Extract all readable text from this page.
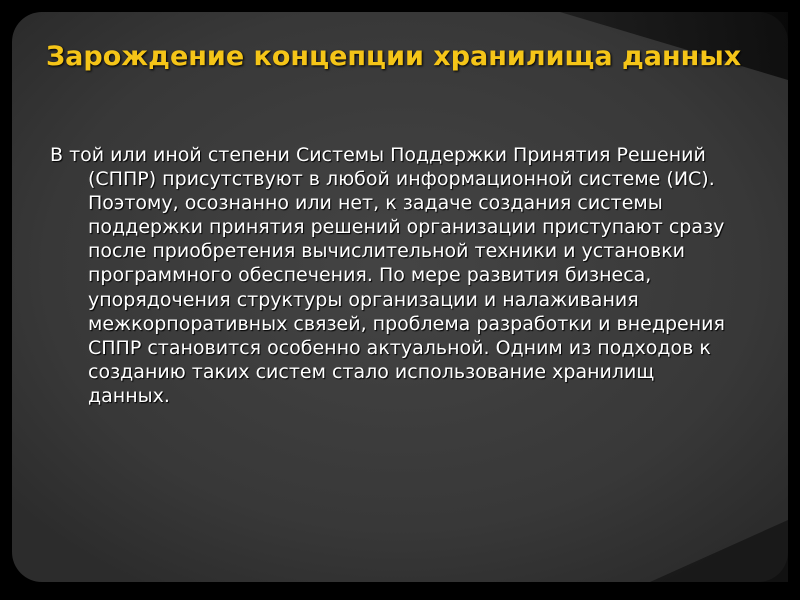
Зарождение концепции хранилища данных

В той или иной степени Системы Поддержки Принятия Решений (СППР) присутствуют в любой информационной системе (ИС). Поэтому, осознанно или нет, к задаче создания системы поддержки принятия решений организации приступают сразу после приобретения вычислительной техники и установки программного обеспечения. По мере развития бизнеса, упорядочения структуры организации и налаживания межкорпоративных связей, проблема разработки и внедрения СППР становится особенно актуальной. Одним из подходов к созданию таких систем стало использование хранилищ данных.
